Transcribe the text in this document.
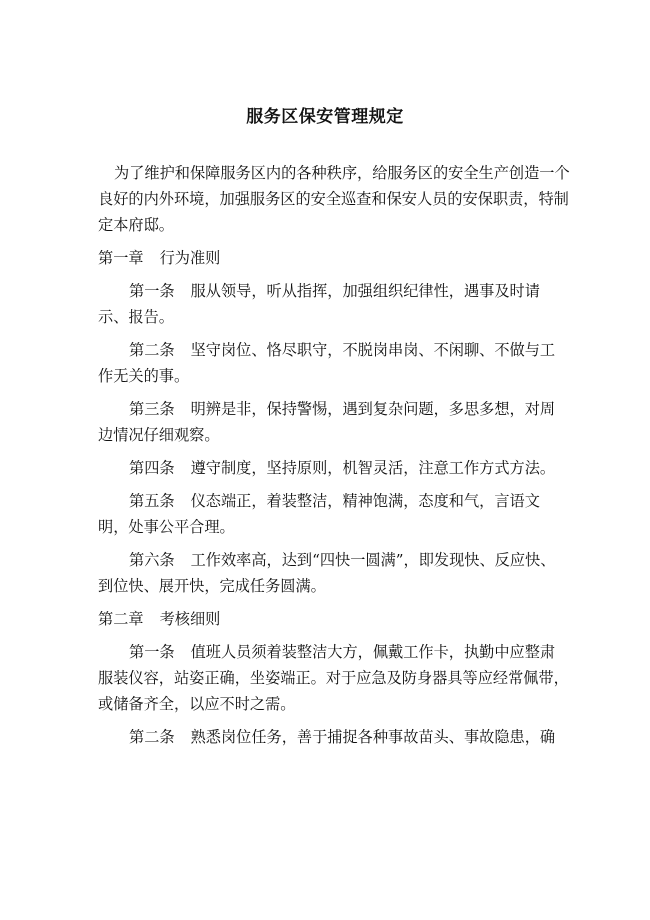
服务区保安管理规定

为了维护和保障服务区内的各种秩序，给服务区的安全生产创造一个良好的内外环境，加强服务区的安全巡查和保安人员的安保职责，特制定本府邸。

第一章 行为准则

第一条 服从领导，听从指挥，加强组织纪律性，遇事及时请示、报告。

第二条 坚守岗位、恪尽职守，不脱岗串岗、不闲聊、不做与工作无关的事。

第三条 明辨是非，保持警惕，遇到复杂问题，多思多想，对周边情况仔细观察。

第四条 遵守制度，坚持原则，机智灵活，注意工作方式方法。

第五条 仪态端正，着装整洁，精神饱满，态度和气，言语文明，处事公平合理。

第六条 工作效率高，达到“四快一圆满”，即发现快、反应快、到位快、展开快，完成任务圆满。

第二章 考核细则

第一条 值班人员须着装整洁大方，佩戴工作卡，执勤中应整肃服装仪容，站姿正确，坐姿端正。对于应急及防身器具等应经常佩带，或储备齐全，以应不时之需。

第二条 熟悉岗位任务，善于捕捉各种事故苗头、事故隐患，确
